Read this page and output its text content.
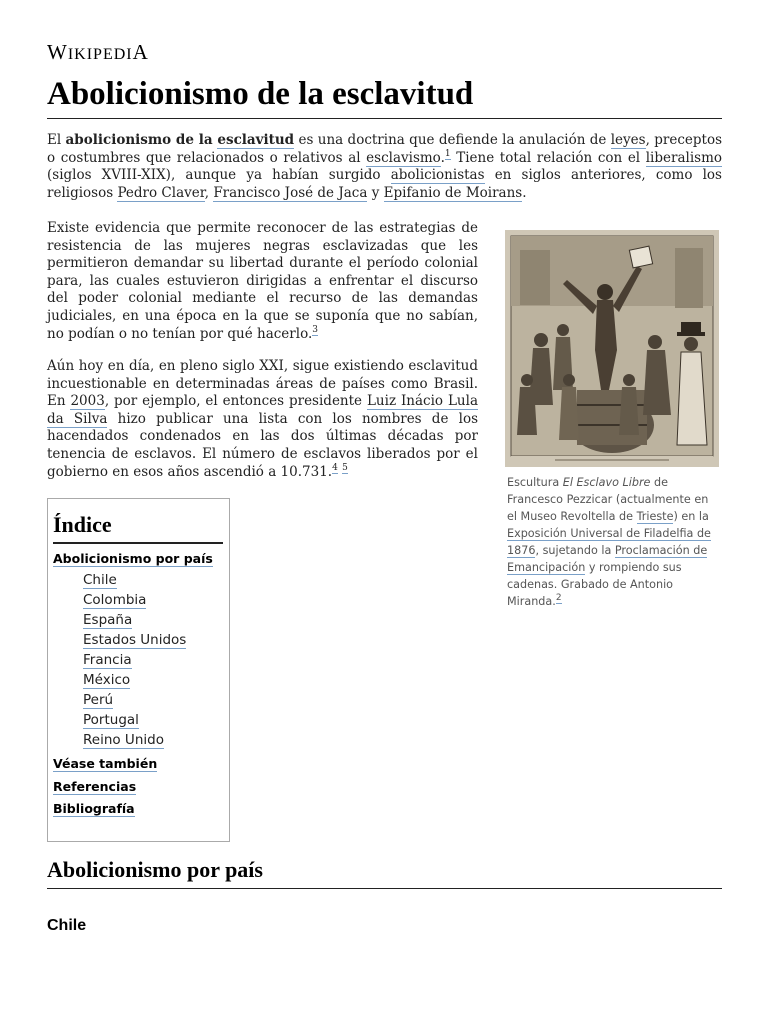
WIKIPEDIA
Abolicionismo de la esclavitud

El abolicionismo de la esclavitud es una doctrina que defiende la anulación de leyes, preceptos o costumbres que relacionados o relativos al esclavismo.$^1$ Tiene total relación con el liberalismo (siglos XVIII-XIX), aunque ya habían surgido abolicionistas en siglos anteriores, como los religiosos Pedro Claver, Francisco José de Jaca y Epifanio de Moirans.

Existe evidencia que permite reconocer de las estrategias de resistencia de las mujeres negras esclavizadas que les permitieron demandar su libertad durante el período colonial para, las cuales estuvieron dirigidas a enfrentar el discurso del poder colonial mediante el recurso de las demandas judiciales, en una época en la que se suponía que no sabían, no podían o no tenían por qué hacerlo.$^3$

Aún hoy en día, en pleno siglo XXI, sigue existiendo esclavitud incuestionable en determinadas áreas de países como Brasil. En 2003, por ejemplo, el entonces presidente Luiz Inácio Lula da Silva hizo publicar una lista con los nombres de los hacendados condenados en las dos últimas décadas por tenencia de esclavos. El número de esclavos liberados por el gobierno en esos años ascendió a 10.731.$^4$ $^5$

Escultura El Esclavo Libre de Francesco Pezzicar (actualmente en el Museo Revoltella de Trieste) en la Exposición Universal de Filadelfia de 1876, sujetando la Proclamación de Emancipación y rompiendo sus cadenas. Grabado de Antonio Miranda.$^2$
Índice
Abolicionismo por país
Chile
Colombia
España
Estados Unidos
Francia
México
Perú
Portugal
Reino Unido
Véase también
Referencias
Bibliografía
Abolicionismo por país
Chile
